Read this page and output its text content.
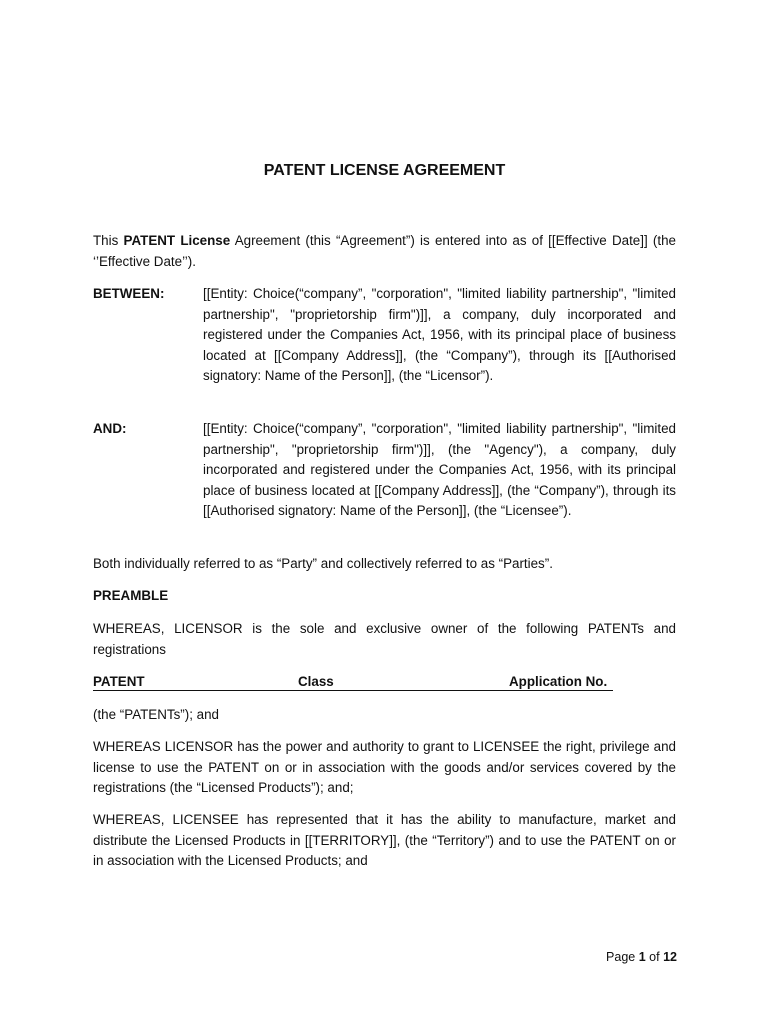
PATENT LICENSE AGREEMENT

This PATENT License Agreement (this “Agreement”) is entered into as of [[Effective Date]] (the ‘’Effective Date’’).

BETWEEN:	[[Entity: Choice(“company”, "corporation", "limited liability partnership", "limited partnership", "proprietorship firm")]], a company, duly incorporated and registered under the Companies Act, 1956, with its principal place of business located at [[Company Address]], (the “Company”), through its [[Authorised signatory: Name of the Person]], (the “Licensor”).

AND:	[[Entity: Choice(“company”, "corporation", "limited liability partnership", "limited partnership", "proprietorship firm")]], (the "Agency"), a company, duly incorporated and registered under the Companies Act, 1956, with its principal place of business located at [[Company Address]], (the “Company”), through its [[Authorised signatory: Name of the Person]], (the “Licensee”).

Both individually referred to as “Party” and collectively referred to as “Parties”.

PREAMBLE

WHEREAS, LICENSOR is the sole and exclusive owner of the following PATENTs and registrations

PATENT	Class	Application No.

(the “PATENTs”); and

WHEREAS LICENSOR has the power and authority to grant to LICENSEE the right, privilege and license to use the PATENT on or in association with the goods and/or services covered by the registrations (the “Licensed Products”); and;

WHEREAS, LICENSEE has represented that it has the ability to manufacture, market and distribute the Licensed Products in [[TERRITORY]], (the “Territory”) and to use the PATENT on or in association with the Licensed Products; and

Page 1 of 12
